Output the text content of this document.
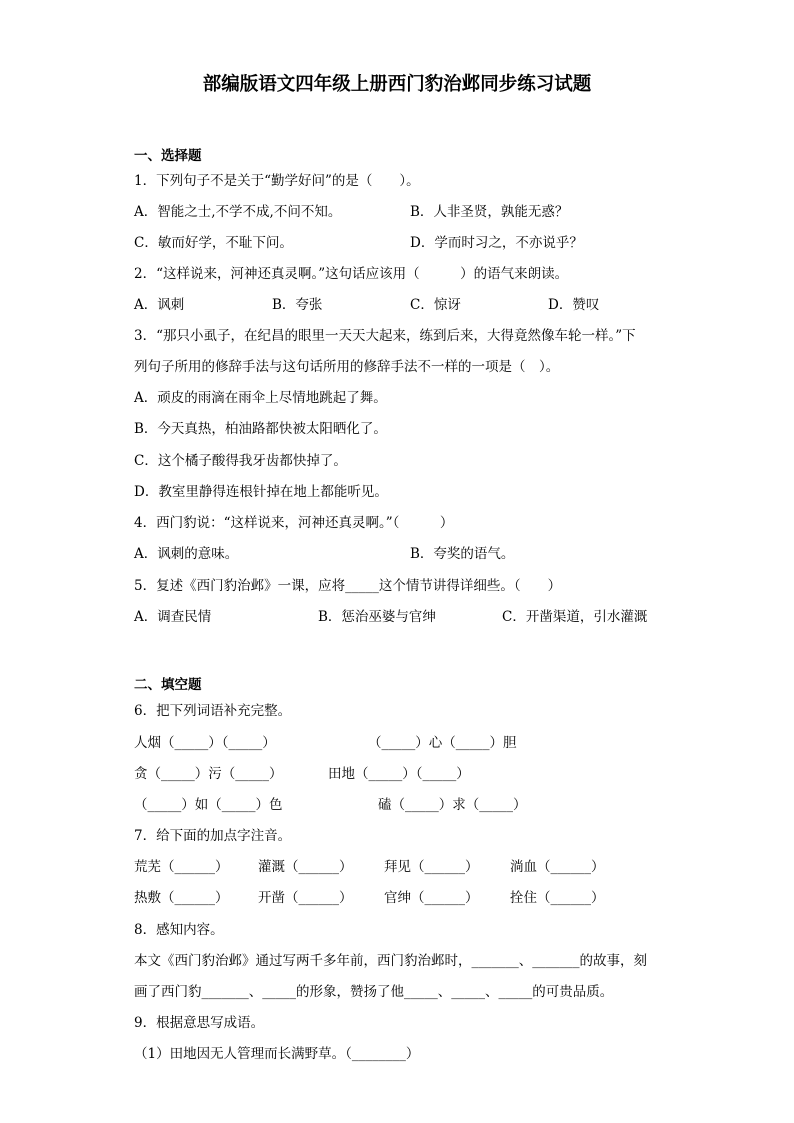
部编版语文四年级上册西门豹治邺同步练习试题
一、选择题
1．下列句子不是关于“勤学好问”的是（　　）。
A．智能之士,不学不成,不问不知。	B．人非圣贤，孰能无惑？
C．敏而好学，不耻下问。	D．学而时习之，不亦说乎？
2．“这样说来，河神还真灵啊。”这句话应该用（　　　）的语气来朗读。
A．讽刺	B．夸张	C．惊讶	D．赞叹
3．“那只小虱子，在纪昌的眼里一天天大起来，练到后来，大得竟然像车轮一样。”下
列句子所用的修辞手法与这句话所用的修辞手法不一样的一项是（　）。
A．顽皮的雨滴在雨伞上尽情地跳起了舞。
B．今天真热，柏油路都快被太阳晒化了。
C．这个橘子酸得我牙齿都快掉了。
D．教室里静得连根针掉在地上都能听见。
4．西门豹说：“这样说来，河神还真灵啊。”（　　　）
A．讽刺的意味。	B．夸奖的语气。
5．复述《西门豹治邺》一课，应将_____这个情节讲得详细些。（　　）
A．调查民情	B．惩治巫婆与官绅	C．开凿渠道，引水灌溉
二、填空题
6．把下列词语补充完整。
人烟（_____）（_____）	（_____）心（_____）胆
贪（_____）污（_____）	田地（_____）（_____）
（_____）如（_____）色	磕（_____）求（_____）
7．给下面的加点字注音。
荒芜（______） 灌溉（______） 拜见（______） 淌血（______）
热敷（______） 开凿（______） 官绅（______） 拴住（______）
8．感知内容。
本文《西门豹治邺》通过写两千多年前，西门豹治邺时，_______、_______的故事，刻
画了西门豹_______、_____的形象，赞扬了他_____、_____、_____的可贵品质。
9．根据意思写成语。
（1）田地因无人管理而长满野草。（________）
